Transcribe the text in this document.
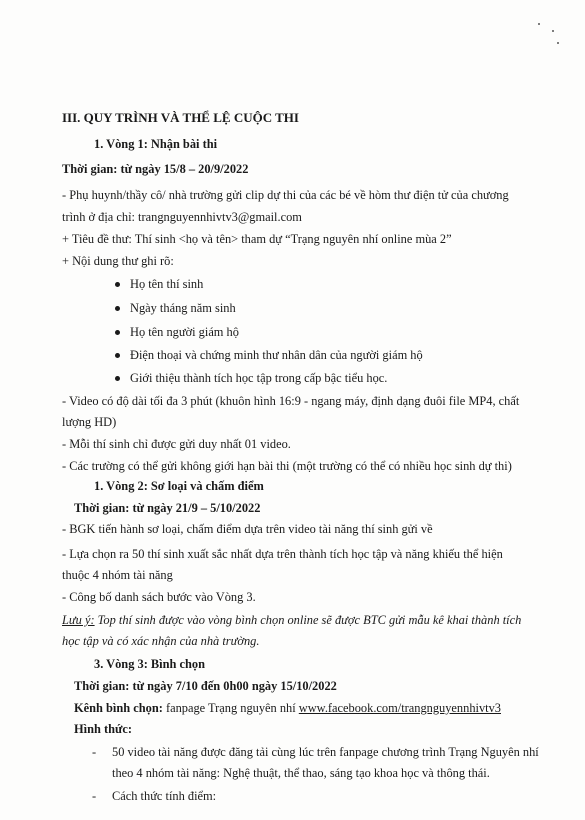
III. QUY TRÌNH VÀ THỂ LỆ CUỘC THI
1. Vòng 1: Nhận bài thi
Thời gian: từ ngày 15/8 – 20/9/2022
- Phụ huynh/thầy cô/ nhà trường gửi clip dự thi của các bé về hòm thư điện tử của chương
trình ở địa chỉ: trangnguyennhivtv3@gmail.com
+ Tiêu đề thư: Thí sinh <họ và tên> tham dự “Trạng nguyên nhí online mùa 2”
+ Nội dung thư ghi rõ:
Họ tên thí sinh
Ngày tháng năm sinh
Họ tên người giám hộ
Điện thoại và chứng minh thư nhân dân của người giám hộ
Giới thiệu thành tích học tập trong cấp bậc tiểu học.
- Video có độ dài tối đa 3 phút (khuôn hình 16:9 - ngang máy, định dạng đuôi file MP4, chất
lượng HD)
- Mỗi thí sinh chỉ được gửi duy nhất 01 video.
- Các trường có thể gửi không giới hạn bài thi (một trường có thể có nhiều học sinh dự thi)
1. Vòng 2: Sơ loại và chấm điểm
Thời gian: từ ngày 21/9 – 5/10/2022
- BGK tiến hành sơ loại, chấm điểm dựa trên video tài năng thí sinh gửi về
- Lựa chọn ra 50 thí sinh xuất sắc nhất dựa trên thành tích học tập và năng khiếu thể hiện
thuộc 4 nhóm tài năng
- Công bố danh sách bước vào Vòng 3.
Lưu ý: Top thí sinh được vào vòng bình chọn online sẽ được BTC gửi mẫu kê khai thành tích
học tập và có xác nhận của nhà trường.
3. Vòng 3: Bình chọn
Thời gian: từ ngày 7/10 đến 0h00 ngày 15/10/2022
Kênh bình chọn: fanpage Trạng nguyên nhí www.facebook.com/trangnguyennhivtv3
Hình thức:
- 50 video tài năng được đăng tải cùng lúc trên fanpage chương trình Trạng Nguyên nhí
theo 4 nhóm tài năng: Nghệ thuật, thể thao, sáng tạo khoa học và thông thái.
- Cách thức tính điểm:
